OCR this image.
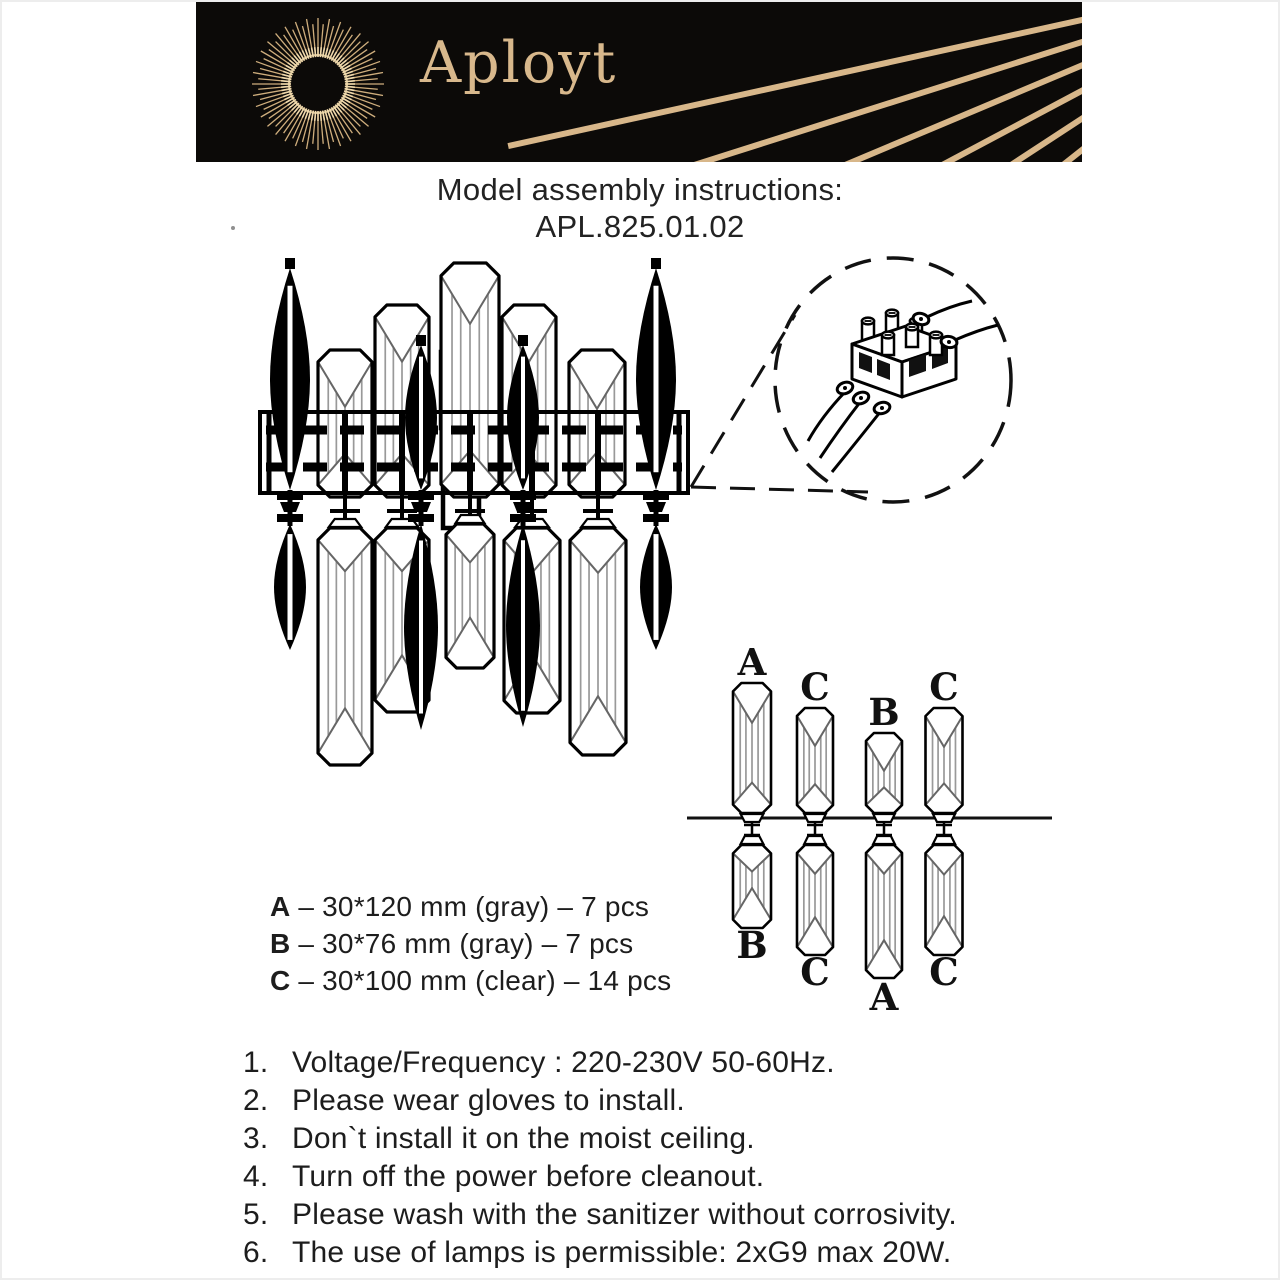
Aployt
Model assembly instructions:
APL.825.01.02
A
C
B
C
B
C
A
C
A – 30*120 mm (gray) – 7 pcs
B – 30*76 mm (gray) – 7 pcs
C – 30*100 mm (clear) – 14 pcs
1. Voltage/Frequency : 220-230V 50-60Hz.
2. Please wear gloves to install.
3. Don`t install it on the moist ceiling.
4. Turn off the power before cleanout.
5. Please wash with the sanitizer without corrosivity.
6. The use of lamps is permissible: 2xG9 max 20W.
